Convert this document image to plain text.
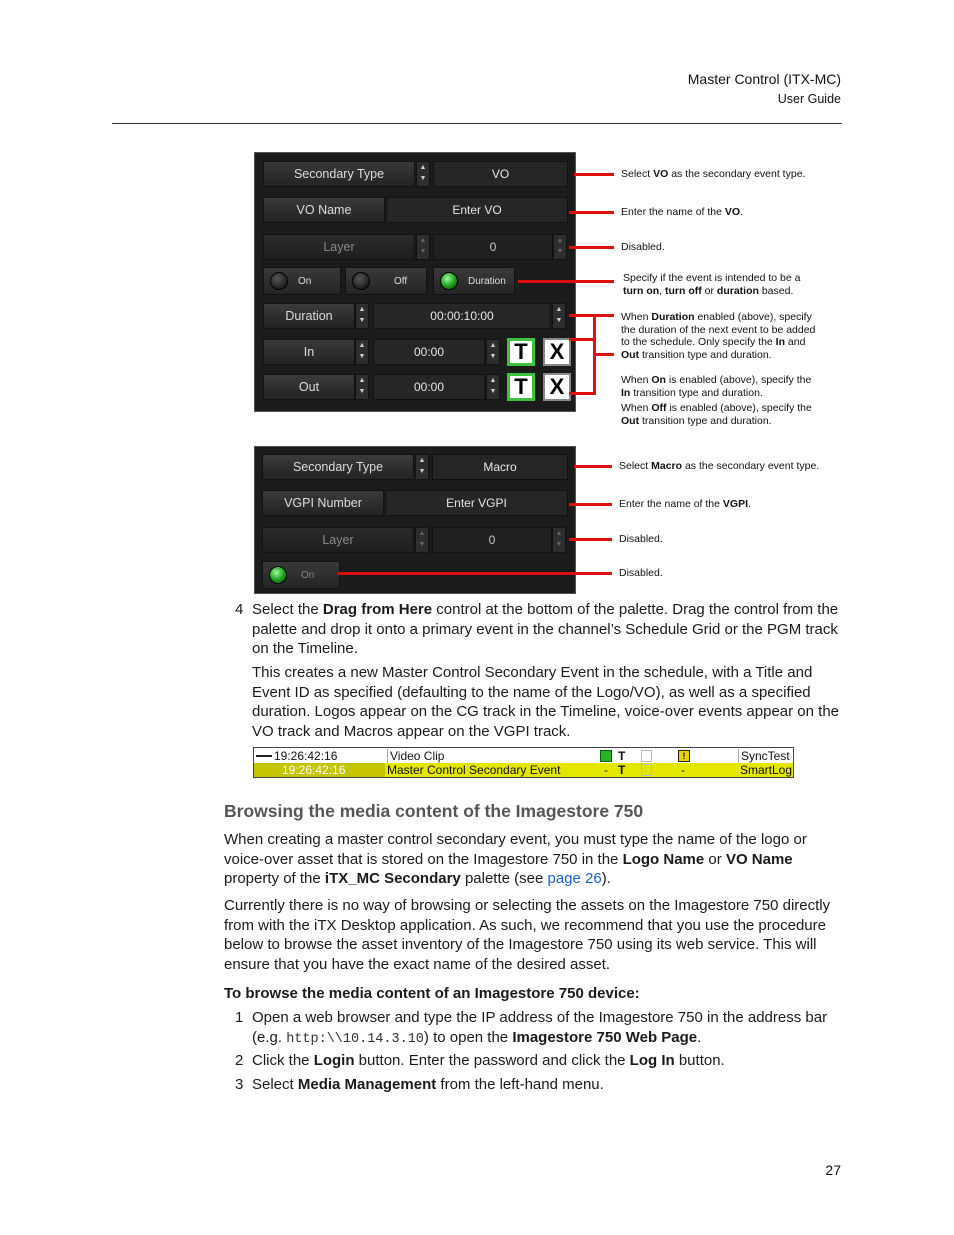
Master Control (ITX-MC)
User Guide
Secondary Type	▲
▼	VO
VO Name	Enter VO
Layer	▲
▼	0	▲
▼
On	Off	Duration
Duration	▲
▼	00:00:10:00	▲
▼
In	▲
▼	00:00	▲
▼ T X
Out	▲
▼	00:00	▲
▼ T X
Select VO as the secondary event type.
Enter the name of the VO.
Disabled.
Specify if the event is intended to be a
turn on, turn off or duration based.
When Duration enabled (above), specify
the duration of the next event to be added
to the schedule. Only specify the In and
Out transition type and duration.
When On is enabled (above), specify the
In transition type and duration.
When Off is enabled (above), specify the
Out transition type and duration.
Secondary Type	▲
▼	Macro
VGPI Number	Enter VGPI
Layer	▲
▼	0	▲
▼
On
Select Macro as the secondary event type.
Enter the name of the VGPI.
Disabled.
Disabled.
4 Select the Drag from Here control at the bottom of the palette. Drag the control from the palette and drop it onto a primary event in the channel’s Schedule Grid or the PGM track on the Timeline.
This creates a new Master Control Secondary Event in the schedule, with a Title and Event ID as specified (defaulting to the name of the Logo/VO), as well as a specified duration. Logos appear on the CG track in the Timeline, voice-over events appear on the VO track and Macros appear on the VGPI track.
19:26:42:16	Video Clip	T	!	SyncTest
19:26:42:16	Master Control Secondary Event	- T	-	SmartLog
Browsing the media content of the Imagestore 750
When creating a master control secondary event, you must type the name of the logo or voice-over asset that is stored on the Imagestore 750 in the Logo Name or VO Name property of the iTX_MC Secondary palette (see page 26).
Currently there is no way of browsing or selecting the assets on the Imagestore 750 directly from with the iTX Desktop application. As such, we recommend that you use the procedure below to browse the asset inventory of the Imagestore 750 using its web service. This will ensure that you have the exact name of the desired asset.
To browse the media content of an Imagestore 750 device:
1 Open a web browser and type the IP address of the Imagestore 750 in the address bar
(e.g. http:\\10.14.3.10) to open the Imagestore 750 Web Page.
2 Click the Login button. Enter the password and click the Log In button.
3 Select Media Management from the left-hand menu.
27
